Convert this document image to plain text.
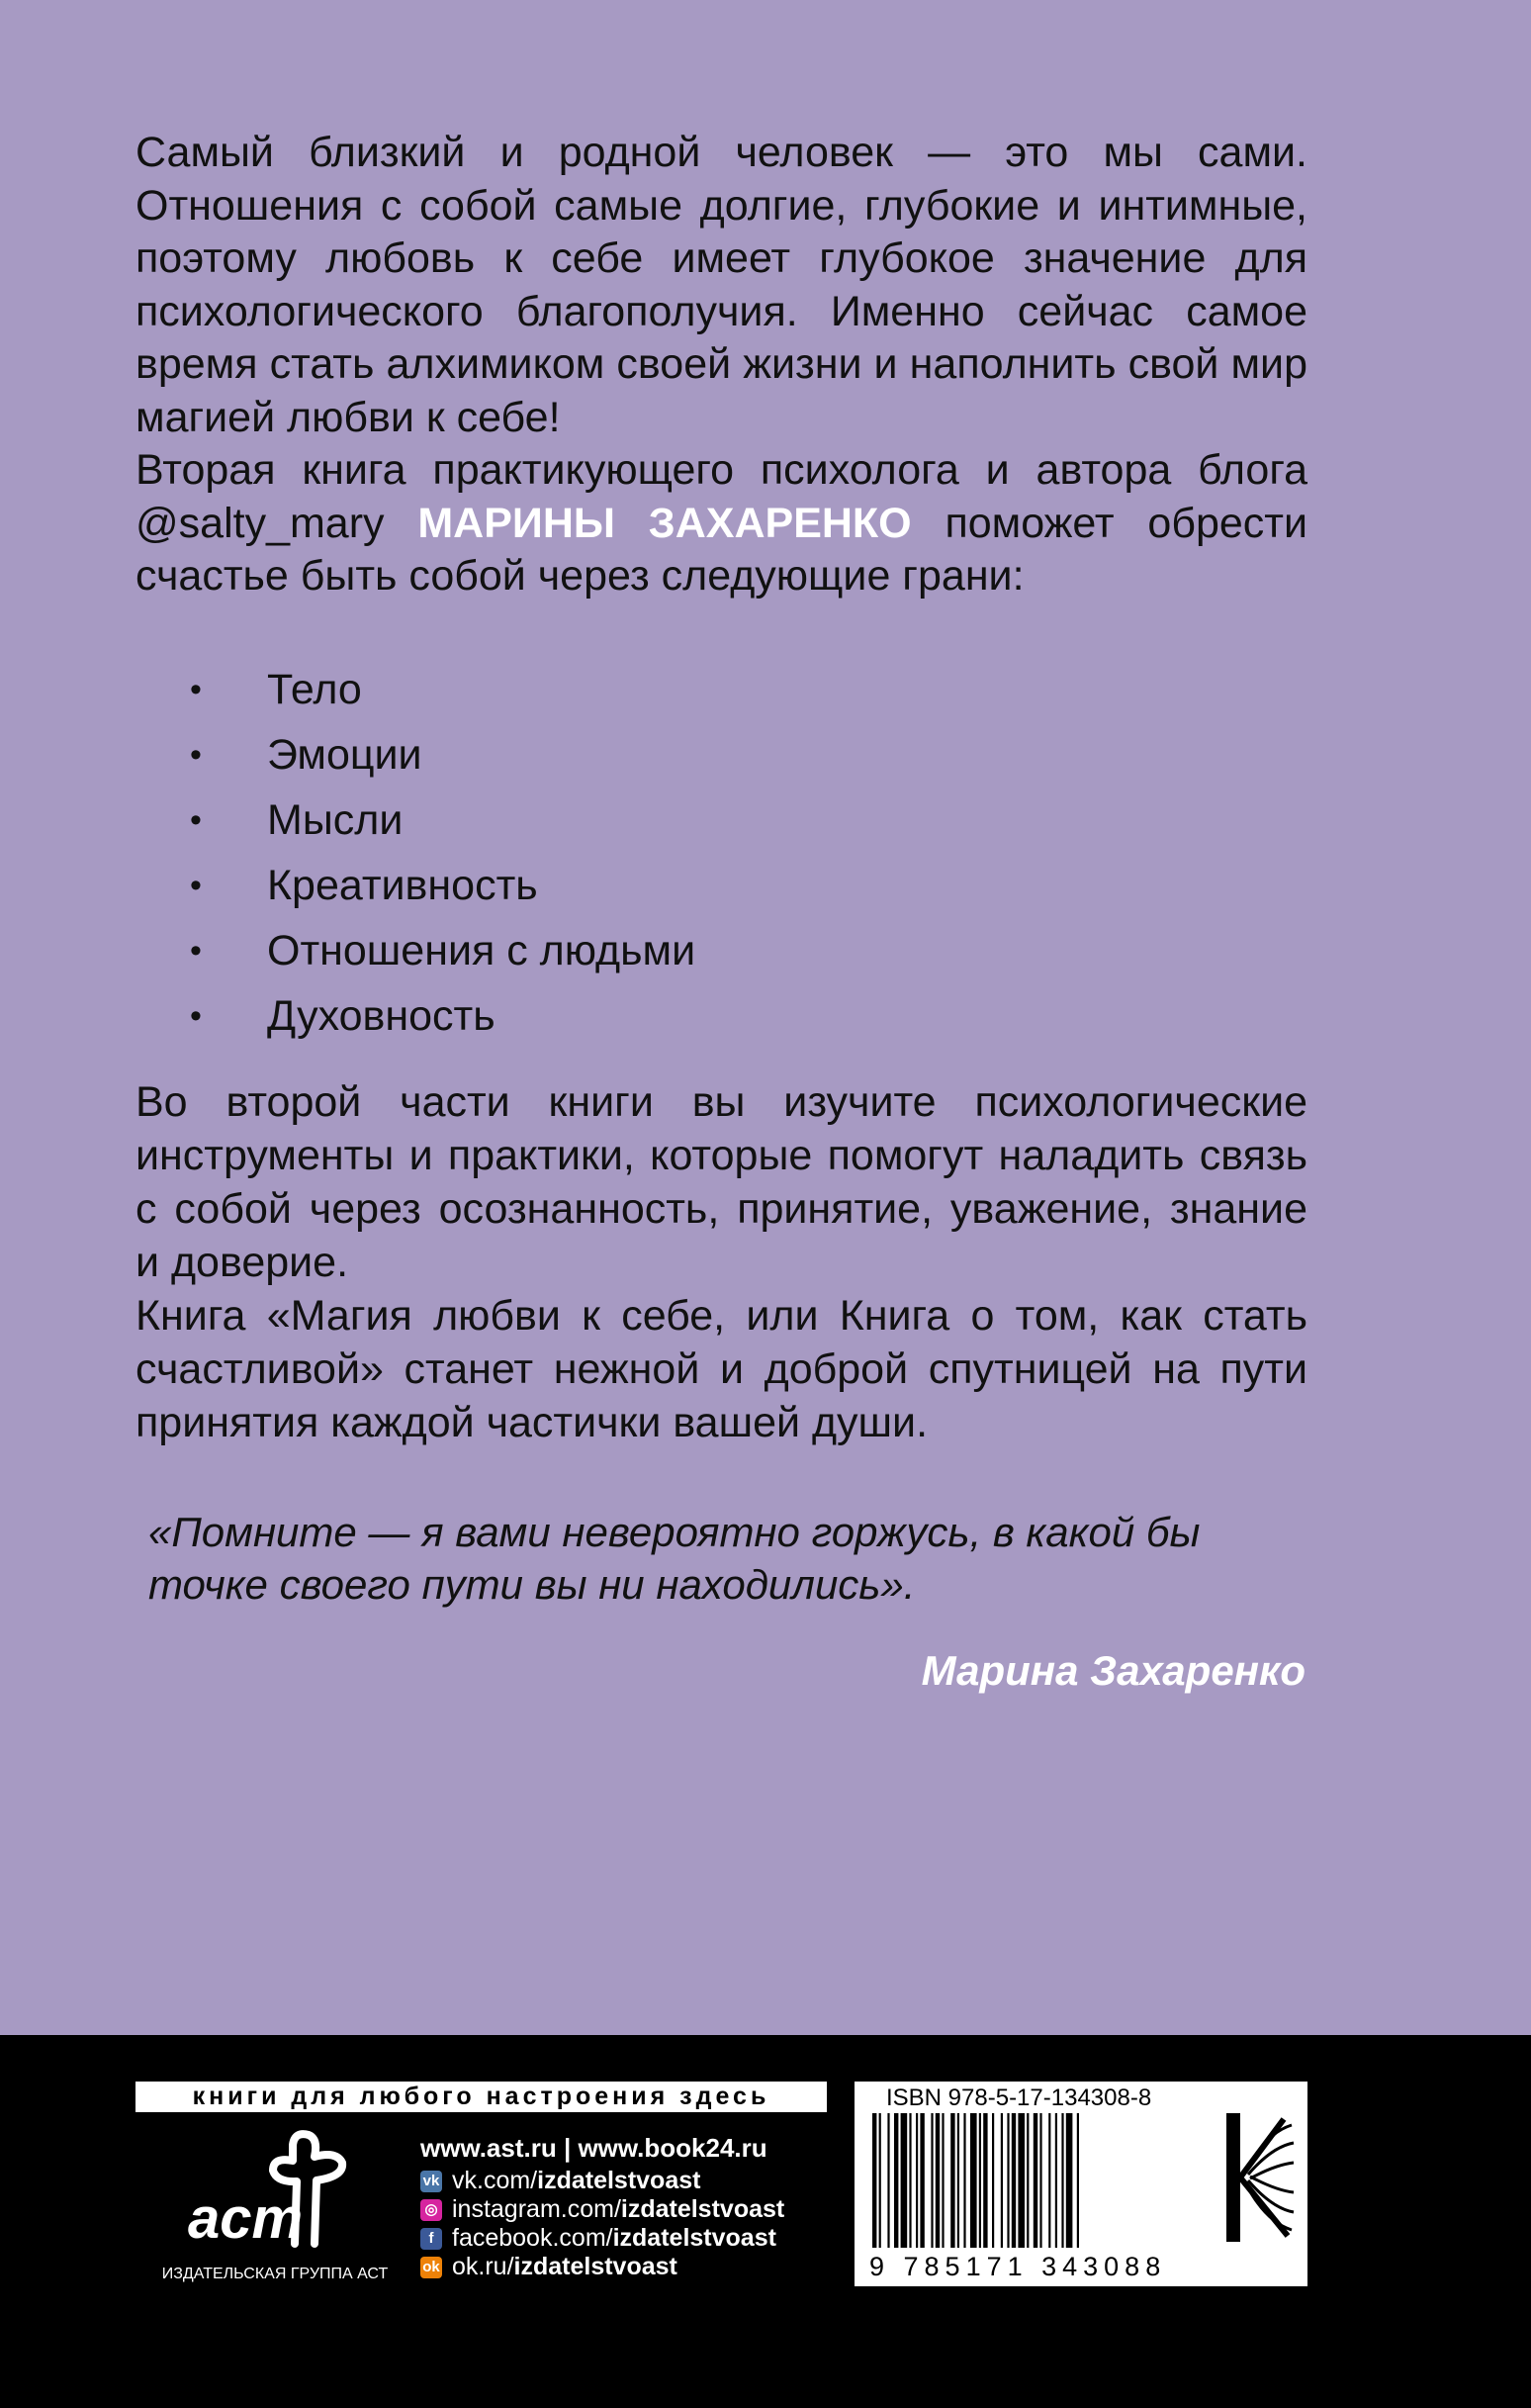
Самый близкий и родной человек — это мы сами. Отношения с собой самые долгие, глубокие и интимные, поэтому любовь к себе имеет глубокое значение для психологического благополучия. Именно сейчас самое время стать алхимиком своей жизни и наполнить свой мир магией любви к себе!

Вторая книга практикующего психолога и автора блога @salty_mary МАРИНЫ ЗАХАРЕНКО поможет обрести счастье быть собой через следующие грани:

• Тело
• Эмоции
• Мысли
• Креативность
• Отношения с людьми
• Духовность

Во второй части книги вы изучите психологические инструменты и практики, которые помогут наладить связь с собой через осознанность, принятие, уважение, знание и доверие.

Книга «Магия любви к себе, или Книга о том, как стать счастливой» станет нежной и доброй спутницей на пути принятия каждой частички вашей души.

«Помните — я вами невероятно горжусь, в какой бы точке своего пути вы ни находились».
Марина Захаренко
книги для любого настроения здесь
аст
ИЗДАТЕЛЬСКАЯ ГРУППА АСТ
www.ast.ru | www.book24.ru
vk vk.com/ izdatelstvoast
◎ instagram.com/ izdatelstvoast
f facebook.com/ izdatelstvoast
ok ok.ru/ izdatelstvoast
ISBN 978-5-17-134308-8
9 785171 343088
